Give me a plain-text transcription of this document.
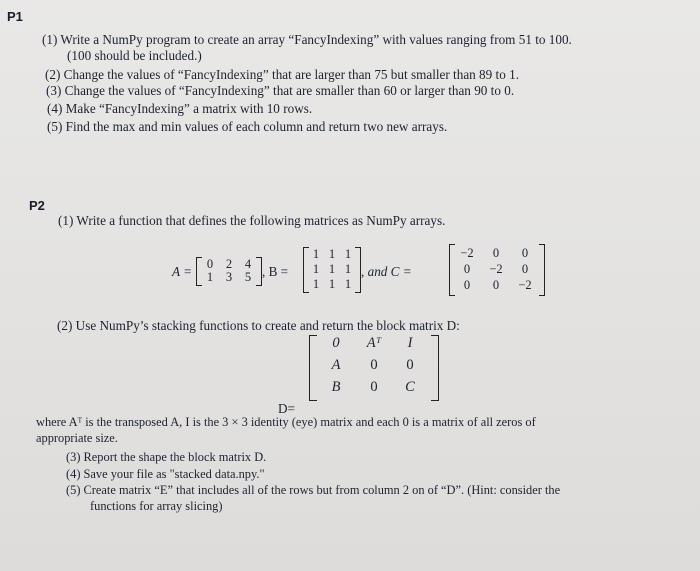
P1
(1) Write a NumPy program to create an array “FancyIndexing” with values ranging from 51 to 100.
(100 should be included.)
(2) Change the values of “FancyIndexing” that are larger than 75 but smaller than 89 to 1.
(3) Change the values of “FancyIndexing” that are smaller than 60 or larger than 90 to 0.
(4) Make “FancyIndexing” a matrix with 10 rows.
(5) Find the max and min values of each column and return two new arrays.
P2
(1) Write a function that defines the following matrices as NumPy arrays.
A =	0	2	4
1	3	5 , B =
1 1 1
1 1 1
1 1 1
, and C =
−2	0	0
0	−2	0
0	0	−2
(2) Use NumPy’s stacking functions to create and return the block matrix D:
0	Aᵀ	I
A	0	0
B	0	C
D=
where Aᵀ is the transposed A, I is the 3 × 3 identity (eye) matrix and each 0 is a matrix of all zeros of
appropriate size.
(3) Report the shape the block matrix D.
(4) Save your file as "stacked data.npy."
(5) Create matrix “E” that includes all of the rows but from column 2 on of “D”. (Hint: consider the
functions for array slicing)
